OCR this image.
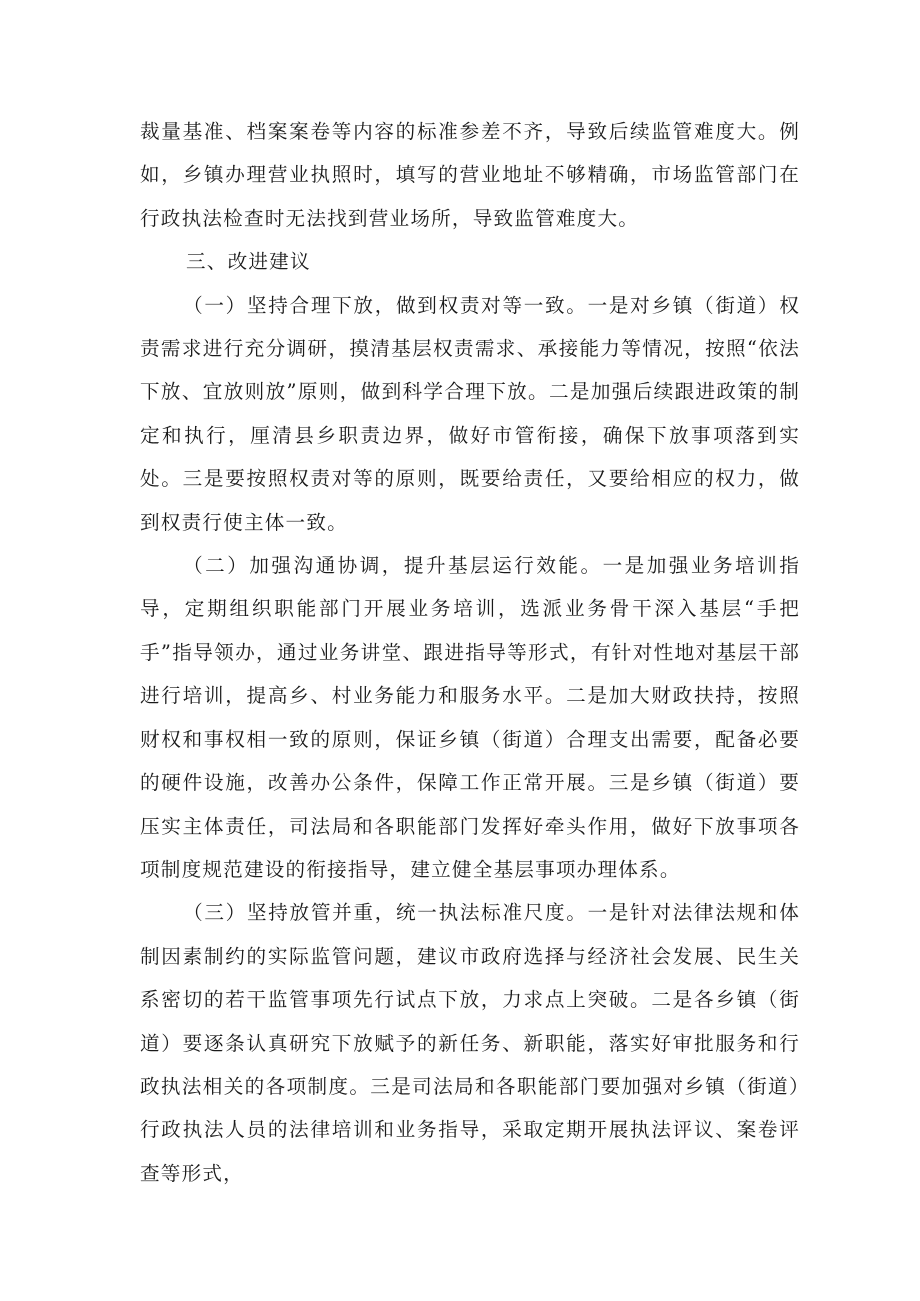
裁量基准、档案案卷等内容的标准参差不齐，导致后续监管难度大。例如，乡镇办理营业执照时，填写的营业地址不够精确，市场监管部门在行政执法检查时无法找到营业场所，导致监管难度大。

三、改进建议

（一）坚持合理下放，做到权责对等一致。一是对乡镇（街道）权责需求进行充分调研，摸清基层权责需求、承接能力等情况，按照“依法下放、宜放则放”原则，做到科学合理下放。二是加强后续跟进政策的制定和执行，厘清县乡职责边界，做好市管衔接，确保下放事项落到实处。三是要按照权责对等的原则，既要给责任，又要给相应的权力，做到权责行使主体一致。

（二）加强沟通协调，提升基层运行效能。一是加强业务培训指导，定期组织职能部门开展业务培训，选派业务骨干深入基层“手把手”指导领办，通过业务讲堂、跟进指导等形式，有针对性地对基层干部进行培训，提高乡、村业务能力和服务水平。二是加大财政扶持，按照财权和事权相一致的原则，保证乡镇（街道）合理支出需要，配备必要的硬件设施，改善办公条件，保障工作正常开展。三是乡镇（街道）要压实主体责任，司法局和各职能部门发挥好牵头作用，做好下放事项各项制度规范建设的衔接指导，建立健全基层事项办理体系。

（三）坚持放管并重，统一执法标准尺度。一是针对法律法规和体制因素制约的实际监管问题，建议市政府选择与经济社会发展、民生关系密切的若干监管事项先行试点下放，力求点上突破。二是各乡镇（街道）要逐条认真研究下放赋予的新任务、新职能，落实好审批服务和行政执法相关的各项制度。三是司法局和各职能部门要加强对乡镇（街道）行政执法人员的法律培训和业务指导，采取定期开展执法评议、案卷评查等形式，
